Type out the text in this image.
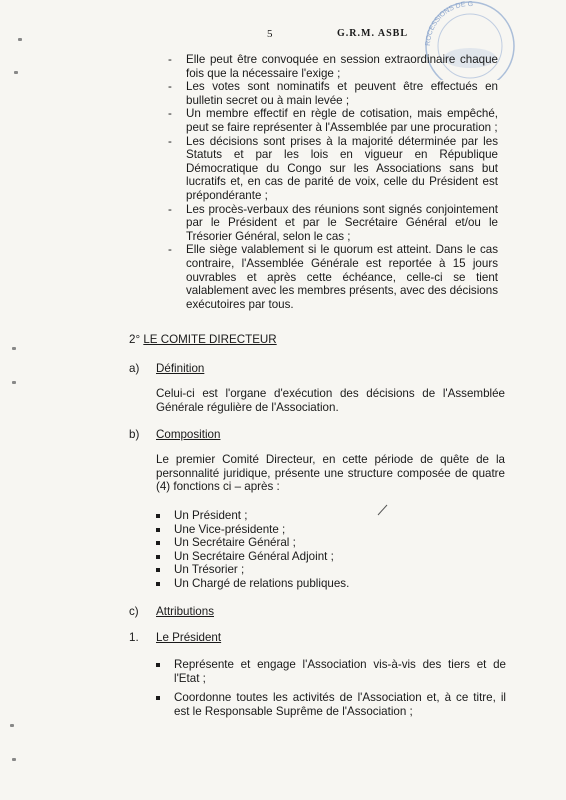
5	G.R.M. ASBL
ROCESSIONS DE G
- Elle peut être convoquée en session extraordinaire chaque fois que la nécessaire l'exige ;
- Les votes sont nominatifs et peuvent être effectués en bulletin secret ou à main levée ;
- Un membre effectif en règle de cotisation, mais empêché, peut se faire représenter à l'Assemblée par une procuration ;
- Les décisions sont prises à la majorité déterminée par les Statuts et par les lois en vigueur en République Démocratique du Congo sur les Associations sans but lucratifs et, en cas de parité de voix, celle du Président est prépondérante ;
- Les procès-verbaux des réunions sont signés conjointement par le Président et par le Secrétaire Général et/ou le Trésorier Général, selon le cas ;
- Elle siège valablement si le quorum est atteint. Dans le cas contraire, l'Assemblée Générale est reportée à 15 jours ouvrables et après cette échéance, celle-ci se tient valablement avec les membres présents, avec des décisions exécutoires par tous.
2° LE COMITE DIRECTEUR
a) Définition
Celui-ci est l'organe d'exécution des décisions de l'Assemblée Générale régulière de l'Association.
b) Composition
Le premier Comité Directeur, en cette période de quête de la personnalité juridique, présente une structure composée de quatre (4) fonctions ci – après :
Un Président ;
Une Vice-présidente ;
Un Secrétaire Général ;
Un Secrétaire Général Adjoint ;
Un Trésorier ;
Un Chargé de relations publiques.
c) Attributions
1. Le Président
Représente et engage l'Association vis-à-vis des tiers et de l'Etat ;
Coordonne toutes les activités de l'Association et, à ce titre, il est le Responsable Suprême de l'Association ;
